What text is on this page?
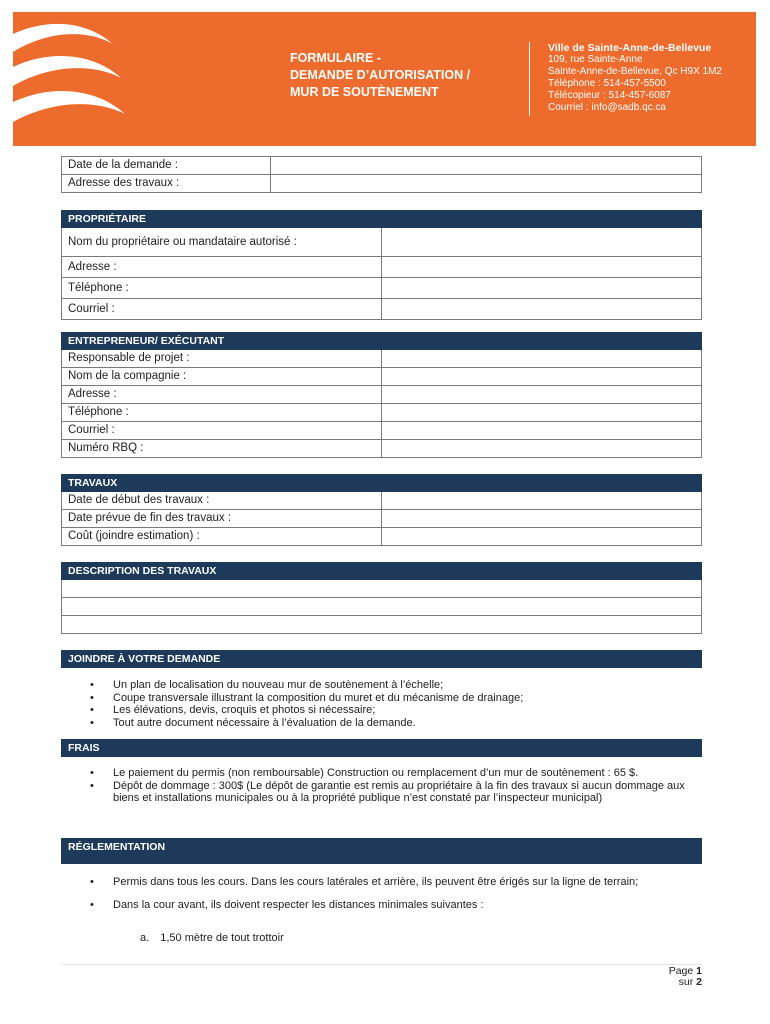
FORMULAIRE -
DEMANDE D’AUTORISATION /
MUR DE SOUTÈNEMENT
Ville de Sainte-Anne-de-Bellevue
109, rue Sainte-Anne
Sainte-Anne-de-Bellevue, Qc H9X 1M2
Téléphone : 514-457-5500
Télécopieur : 514-457-6087
Courriel : info@sadb.qc.ca
Date de la demande :	
Adresse des travaux :	
PROPRIÉTAIRE	
Nom du propriétaire ou mandataire autorisé :	
Adresse :	
Téléphone :	
Courriel :	
ENTREPRENEUR/ EXÉCUTANT	
Responsable de projet :	
Nom de la compagnie :	
Adresse :	
Téléphone :	
Courriel :	
Numéro RBQ :	
TRAVAUX	
Date de début des travaux :	
Date prévue de fin des travaux :	
Coût (joindre estimation) :	
DESCRIPTION DES TRAVAUX

JOINDRE À VOTRE DEMANDE
• Un plan de localisation du nouveau mur de soutènement à l’échelle;
• Coupe transversale illustrant la composition du muret et du mécanisme de drainage;
• Les élévations, devis, croquis et photos si nécessaire;
• Tout autre document nécessaire à l’évaluation de la demande.
FRAIS
• Le paiement du permis (non remboursable) Construction ou remplacement d’un mur de soutènement : 65 $.
• Dépôt de dommage : 300$ (Le dépôt de garantie est remis au propriétaire à la fin des travaux si aucun dommage aux biens et installations municipales ou à la propriété publique n’est constaté par l’inspecteur municipal)
RÉGLEMENTATION
• Permis dans tous les cours. Dans les cours latérales et arrière, ils peuvent être érigés sur la ligne de terrain;
• Dans la cour avant, ils doivent respecter les distances minimales suivantes :
a. 1,50 mètre de tout trottoir
Page 1
sur 2
